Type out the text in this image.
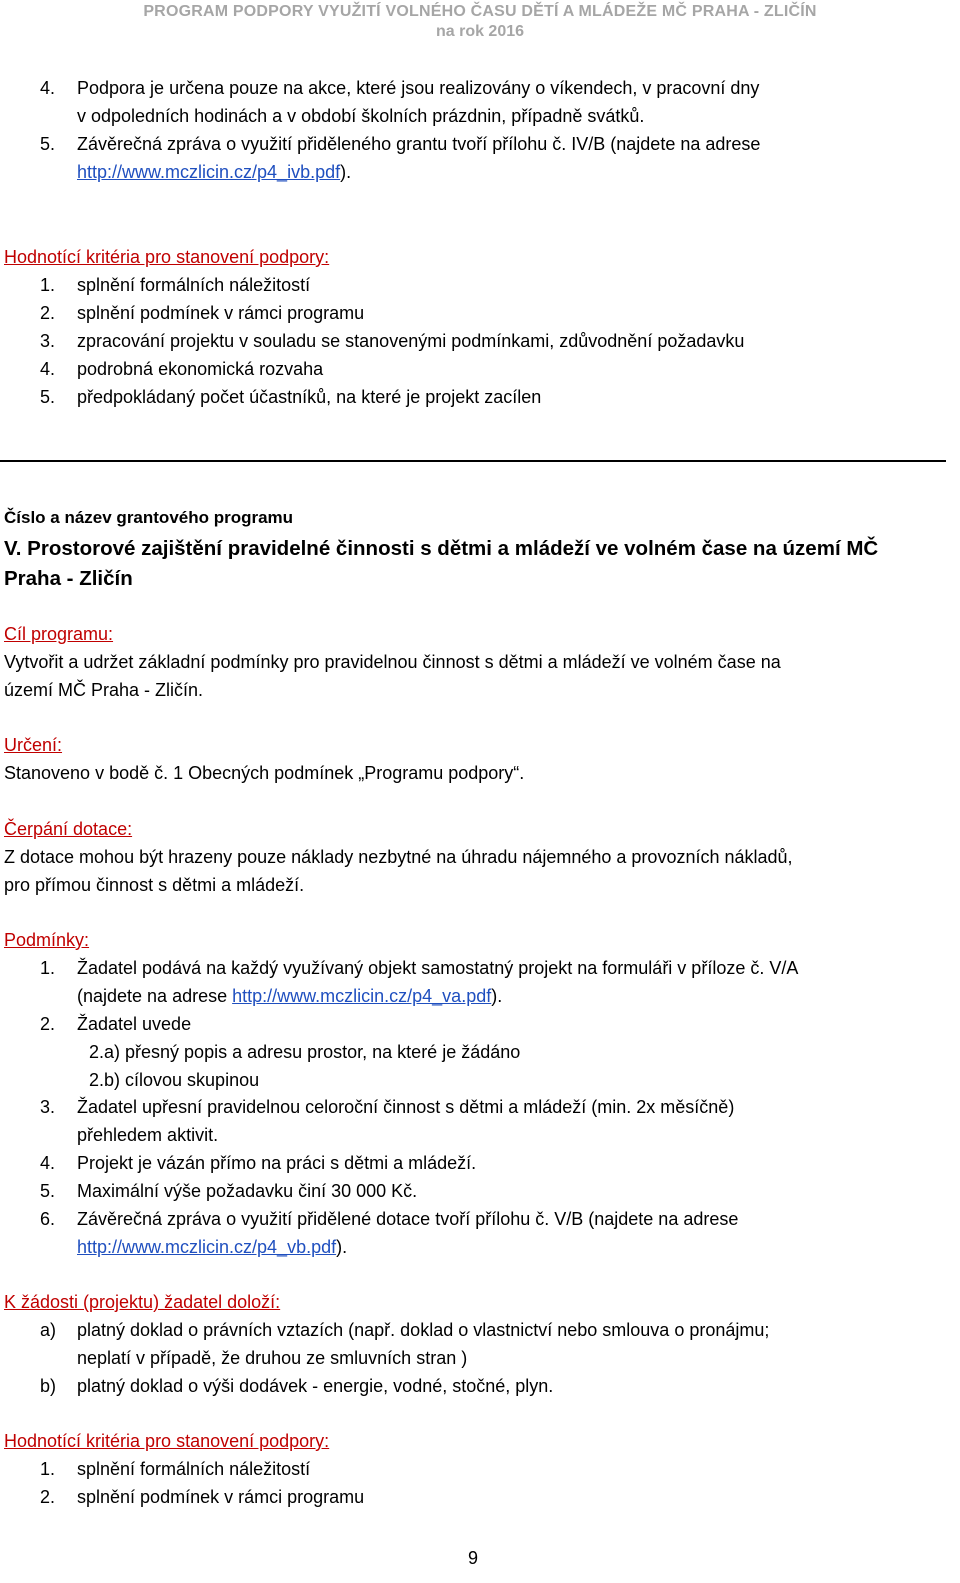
PROGRAM PODPORY VYUŽITÍ VOLNÉHO ČASU DĚTÍ A MLÁDEŽE MČ PRAHA - ZLIČÍN
na rok 2016
4. Podpora je určena pouze na akce, které jsou realizovány o víkendech, v pracovní dny
v odpoledních hodinách a v období školních prázdnin, případně svátků.
5. Závěrečná zpráva o využití přiděleného grantu tvoří přílohu č. IV/B (najdete na adrese
http://www.mczlicin.cz/p4_ivb.pdf).
Hodnotící kritéria pro stanovení podpory:
1. splnění formálních náležitostí
2. splnění podmínek v rámci programu
3. zpracování projektu v souladu se stanovenými podmínkami, zdůvodnění požadavku
4. podrobná ekonomická rozvaha
5. předpokládaný počet účastníků, na které je projekt zacílen
Číslo a název grantového programu
V. Prostorové zajištění pravidelné činnosti s dětmi a mládeží ve volném čase na území MČ
Praha - Zličín
Cíl programu:
Vytvořit a udržet základní podmínky pro pravidelnou činnost s dětmi a mládeží ve volném čase na
území MČ Praha - Zličín.
Určení:
Stanoveno v bodě č. 1 Obecných podmínek „Programu podpory“.
Čerpání dotace:
Z dotace mohou být hrazeny pouze náklady nezbytné na úhradu nájemného a provozních nákladů,
pro přímou činnost s dětmi a mládeží.
Podmínky:
1. Žadatel podává na každý využívaný objekt samostatný projekt na formuláři v příloze č. V/A
(najdete na adrese http://www.mczlicin.cz/p4_va.pdf).
2. Žadatel uvede
2.a) přesný popis a adresu prostor, na které je žádáno
2.b) cílovou skupinou
3. Žadatel upřesní pravidelnou celoroční činnost s dětmi a mládeží (min. 2x měsíčně)
přehledem aktivit.
4. Projekt je vázán přímo na práci s dětmi a mládeží.
5. Maximální výše požadavku činí 30 000 Kč.
6. Závěrečná zpráva o využití přidělené dotace tvoří přílohu č. V/B (najdete na adrese
http://www.mczlicin.cz/p4_vb.pdf).
K žádosti (projektu) žadatel doloží:
a) platný doklad o právních vztazích (např. doklad o vlastnictví nebo smlouva o pronájmu;
neplatí v případě, že druhou ze smluvních stran )
b) platný doklad o výši dodávek - energie, vodné, stočné, plyn.
Hodnotící kritéria pro stanovení podpory:
1. splnění formálních náležitostí
2. splnění podmínek v rámci programu
9
